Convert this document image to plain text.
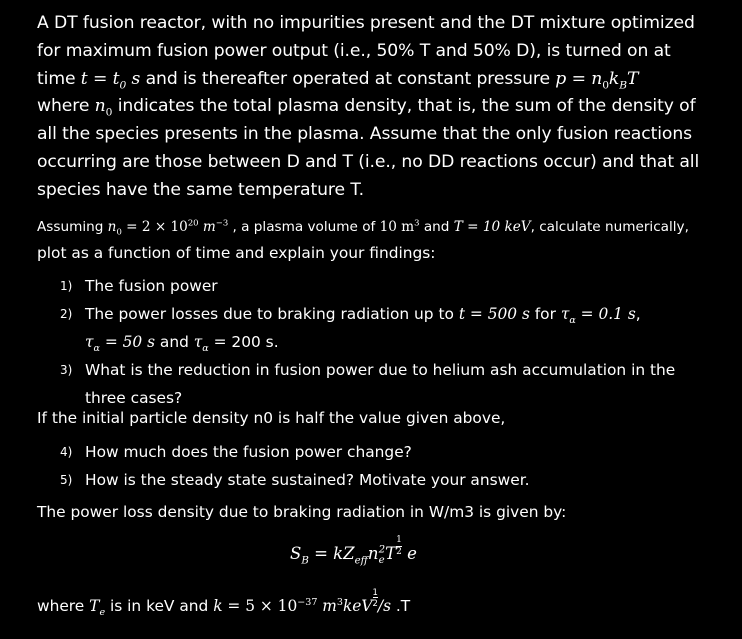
A DT fusion reactor, with no impurities present and the DT mixture optimized
for maximum fusion power output (i.e., 50% T and 50% D), is turned on at
time $t = t_0$ s and is thereafter operated at constant pressure $p = n_0k_BT$
where $n_0$ indicates the total plasma density, that is, the sum of the density of
all the species presents in the plasma. Assume that the only fusion reactions
occurring are those between D and T (i.e., no DD reactions occur) and that all
species have the same temperature T.
Assuming $n_0 = 2 \times 10^{20}$ $m^{-3}$ , a plasma volume of 10 $m^3$ and T = 10 keV, calculate numerically,
plot as a function of time and explain your findings:
1) The fusion power
2) The power losses due to braking radiation up to t = 500 s for $\tau_\alpha = 0.1$ s,
$\tau_\alpha = 50$ s and $\tau_\alpha = 200$ s.
3) What is the reduction in fusion power due to helium ash accumulation in the
three cases?
If the initial particle density n0 is half the value given above,
4) How much does the fusion power change?
5) How is the steady state sustained? Motivate your answer.
The power loss density due to braking radiation in W/m3 is given by:
$S_B = kZ_{eff}n_e^2T \frac{1}{2}$ e
where $T_e$ is in keV and $k = 5 \times 10^{-37}$ $m^3keV \frac{1}{2} /s$ .T
